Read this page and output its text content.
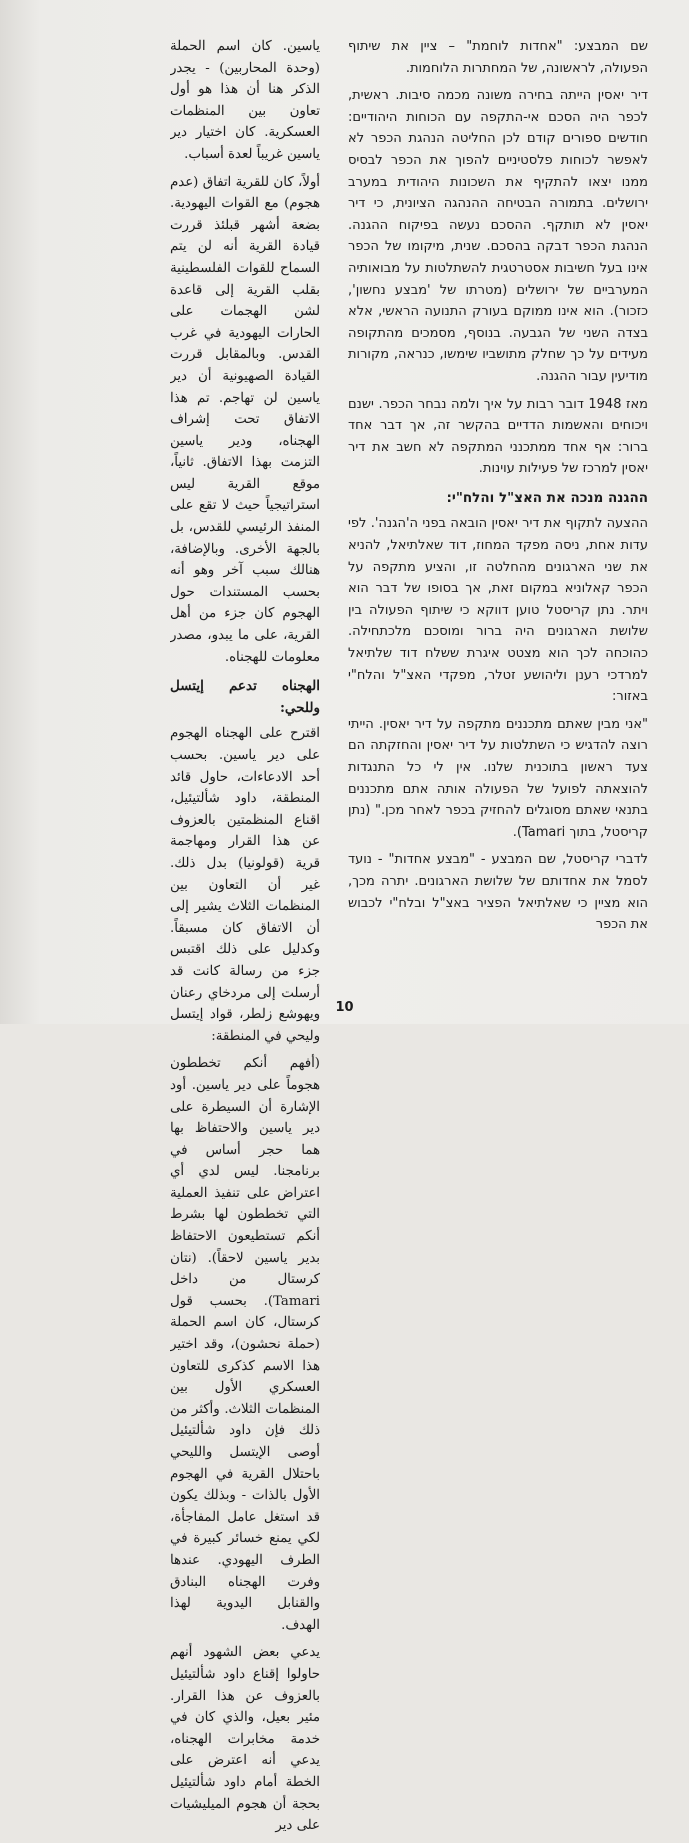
ياسين. كان اسم الحملة (وحدة المحاربين) - يجدر الذكر هنا أن هذا هو أول تعاون بين المنظمات العسكرية. كان اختيار دير ياسين غريباً لعدة أسباب.

أولاً، كان للقرية اتفاق (عدم هجوم) مع القوات اليهودية. بضعة أشهر قبلئذ قررت قيادة القرية أنه لن يتم السماح للقوات الفلسطينية بقلب القرية إلى قاعدة لشن الهجمات على الحارات اليهودية في غرب القدس. وبالمقابل قررت القيادة الصهيونية أن دير ياسين لن تهاجم. تم هذا الاتفاق تحت إشراف الهجناه، ودير ياسين التزمت بهذا الاتفاق. ثانياً، موقع القرية ليس استراتيجياً حيث لا تقع على المنفذ الرئيسي للقدس، بل بالجهة الأخرى. وبالإضافة، هنالك سبب آخر وهو أنه بحسب المستندات حول الهجوم كان جزء من أهل القرية، على ما يبدو، مصدر معلومات للهجناه.

الهجناه تدعم إيتسل وللحي:

اقترح على الهجناه الهجوم على دير ياسين. بحسب أحد الادعاءات، حاول قائد المنطقة، داود شألتيئيل، اقناع المنظمتين بالعزوف عن هذا القرار ومهاجمة قرية (قولونيا) بدل ذلك. غير أن التعاون بين المنظمات الثلاث يشير إلى أن الاتفاق كان مسبقاً. وكدليل على ذلك اقتبس جزء من رسالة كانت قد أرسلت إلى مردخاي رعنان ويهوشع زلطر، قواد إيتسل وليحي في المنطقة:

(أفهم أنكم تخططون هجوماً على دير ياسين. أود الإشارة أن السيطرة على دير ياسين والاحتفاظ بها هما حجر أساس في برنامجنا. ليس لدي أي اعتراض على تنفيذ العملية التي تخططون لها بشرط أنكم تستطيعون الاحتفاظ بدير ياسين لاحقاً). (نتان كرستال من داخل Tamari). بحسب قول كرستال، كان اسم الحملة (حملة نحشون)، وقد اختير هذا الاسم كذكرى للتعاون العسكري الأول بين المنظمات الثلاث. وأكثر من ذلك فإن داود شألتيئيل أوصى الإيتسل والليحي باحتلال القرية في الهجوم الأول بالذات - وبذلك يكون قد استغل عامل المفاجأة، لكي يمنع خسائر كبيرة في الطرف اليهودي. عندها وفرت الهجناه البنادق والقنابل اليدوية لهذا الهدف.

يدعي بعض الشهود أنهم حاولوا إقناع داود شألتيئيل بالعزوف عن هذا القرار. مئير بعيل، والذي كان في خدمة مخابرات الهجناه، يدعي أنه اعترض على الخطة أمام داود شألتيئيل بحجة أن هجوم الميليشيات على دير

שם המבצע: "אחדות לוחמת" – ציין את שיתוף הפעולה, לראשונה, של המחתרות הלוחמות.

דיר יאסין הייתה בחירה משונה מכמה סיבות. ראשית, לכפר היה הסכם אי-התקפה עם הכוחות היהודיים: חודשים ספורים קודם לכן החליטה הנהגת הכפר לא לאפשר לכוחות פלסטיניים להפוך את הכפר לבסיס ממנו יצאו להתקיף את השכונות היהודית במערב ירושלים. בתמורה הבטיחה ההנהגה הציונית, כי דיר יאסין לא תותקף. ההסכם נעשה בפיקוח ההגנה. הנהגת הכפר דבקה בהסכם. שנית, מיקומו של הכפר אינו בעל חשיבות אסטרטגית להשתלטות על מבואותיה המערביים של ירושלים (מטרתו של 'מבצע נחשון', כזכור). הוא אינו ממוקם בעורק התנועה הראשי, אלא בצדה השני של הגבעה. בנוסף, מסמכים מהתקופה מעידים על כך שחלק מתושביו שימשו, כנראה, מקורות מודיעין עבור ההגנה.

מאז 1948 דובר רבות על איך ולמה נבחר הכפר. ישנם ויכוחים והאשמות הדדיים בהקשר זה, אך דבר אחד ברור: אף אחד ממתכנני המתקפה לא חשב את דיר יאסין למרכז של פעילות עוינות.

ההגנה מנכה את האצ"ל והלח"י:

ההצעה לתקוף את דיר יאסין הובאה בפני ה'הגנה'. לפי עדות אחת, ניסה מפקד המחוז, דוד שאלתיאל, להניא את שני הארגונים מהחלטה זו, והציע מתקפה על הכפר קאלוניא במקום זאת, אך בסופו של דבר הוא ויתר. נתן קריסטל טוען דווקא כי שיתוף הפעולה בין שלושת הארגונים היה ברור ומוסכם מלכתחילה. כהוכחה לכך הוא מצטט איגרת ששלח דוד שלתיאל למרדכי רענן וליהושע זטלר, מפקדי האצ"ל והלח"י באזור:

"אני מבין שאתם מתכננים מתקפה על דיר יאסין. הייתי רוצה להדגיש כי השתלטות על דיר יאסין והחזקתה הם צעד ראשון בתוכנית שלנו. אין לי כל התנגדות להוצאתה לפועל של הפעולה אותה אתם מתכננים בתנאי שאתם מסוגלים להחזיק בכפר לאחר מכן." (נתן קריסטל, בתוך Tamari).

לדברי קריסטל, שם המבצע - "מבצע אחדות" - נועד לסמל את אחדותם של שלושת הארגונים. יתרה מכך, הוא מציין כי שאלתיאל הפציר באצ"ל ובלח"י לכבוש את הכפר

10
